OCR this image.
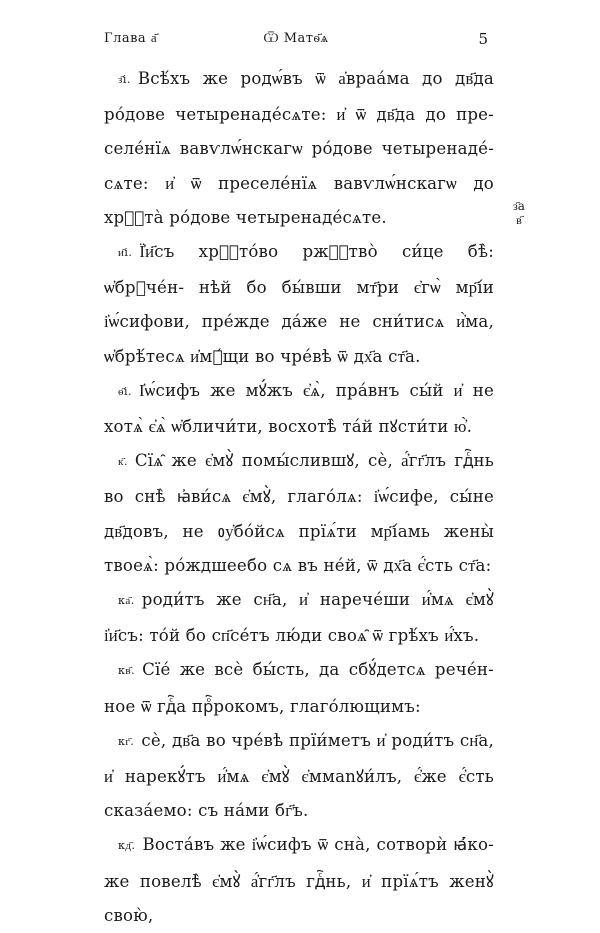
Глава а҃	Ѿ Матѳ҃ѧ	5
з҃а
в҃

з҃і. Всѣ́хъ же родѡ́въ ѿ а҆враа́ма до дв҃да ро́дове четыренаде́сѧте: и҆ ѿ дв҃да до пре- селе́нїѧ вавѵлѡ́нскагѡ ро́дове четыренаде́- сѧте: и҆ ѿ преселе́нїѧ вавѵлѡ́нскагѡ до хрⷭ҇та̀ ро́дове четыренаде́сѧте.

и҃і. Ї҆и҃съ хрⷭ҇то́во ржⷭ҇тво̀ си́це бѣ̀: ѡ҆брꙋче́н- нѣй бо бы́вши мт҃ри є҆гѡ̀ мр҃і́и і҆ѡ́сифови, пре́жде да́же не сни́тисѧ и҆̀ма, ѡ҆брѣ́тесѧ и҆мꙋ́щи во чре́вѣ ѿ дх҃а ст҃а.

ѳ҃і. І҆ѡ́сифъ же мꙋ́жъ є҆ѧ̀, пра́внъ сы́й и҆ не хотѧ̀ є҆ѧ̀ ѡ҆бличи́ти, восхотѣ̀ та́й пꙋсти́ти ю҆̀.

к҃. Сїѧ̑ же є҆мꙋ̀ помы́слившꙋ, сѐ, а҆́гг҃лъ гдⷭ҇нь во снѣ̀ ꙗ҆ви́сѧ є҆мꙋ̀, глаго́лѧ: і҆ѡ́сифе, сы́не дв҃довъ, не ᲂу҆бо́йсѧ прїѧ́ти мр҃і́амь жены̀ твоеѧ̀: ро́ждшеебо сѧ въ не́й, ѿ дх҃а є҆́сть ст҃а:

ка҃. роди́тъ же сн҃а, и҆ нарече́ши и҆́мѧ є҆мꙋ̀ і҆и҃съ: то́й бо сп҃се́тъ лю́ди своѧ̑ ѿ грѣ́хъ и҆́хъ.

кв҃. Сїе́ же всѐ бы́сть, да сбꙋ́детсѧ рече́н- ное ѿ гдⷭ҇а прⷪ҇рокомъ, глаго́лющимъ:

кг҃. сѐ, дв҃а во чре́вѣ прїи́метъ и҆ роди́тъ сн҃а, и҆ нарекꙋ́тъ и҆́мѧ є҆мꙋ̀ є҆ммanꙋи́лъ, є҆́же є҆́сть сказа́емо: съ на́ми бг҃ъ.

кд҃. Воста́въ же і҆ѡ́сифъ ѿ сна̀, сотворѝ ꙗ҆́ко- же повелѣ̀ є҆мꙋ̀ а҆́гг҃лъ гдⷭ҇нь, и҆ прїѧ́тъ женꙋ̀ свою̀,
